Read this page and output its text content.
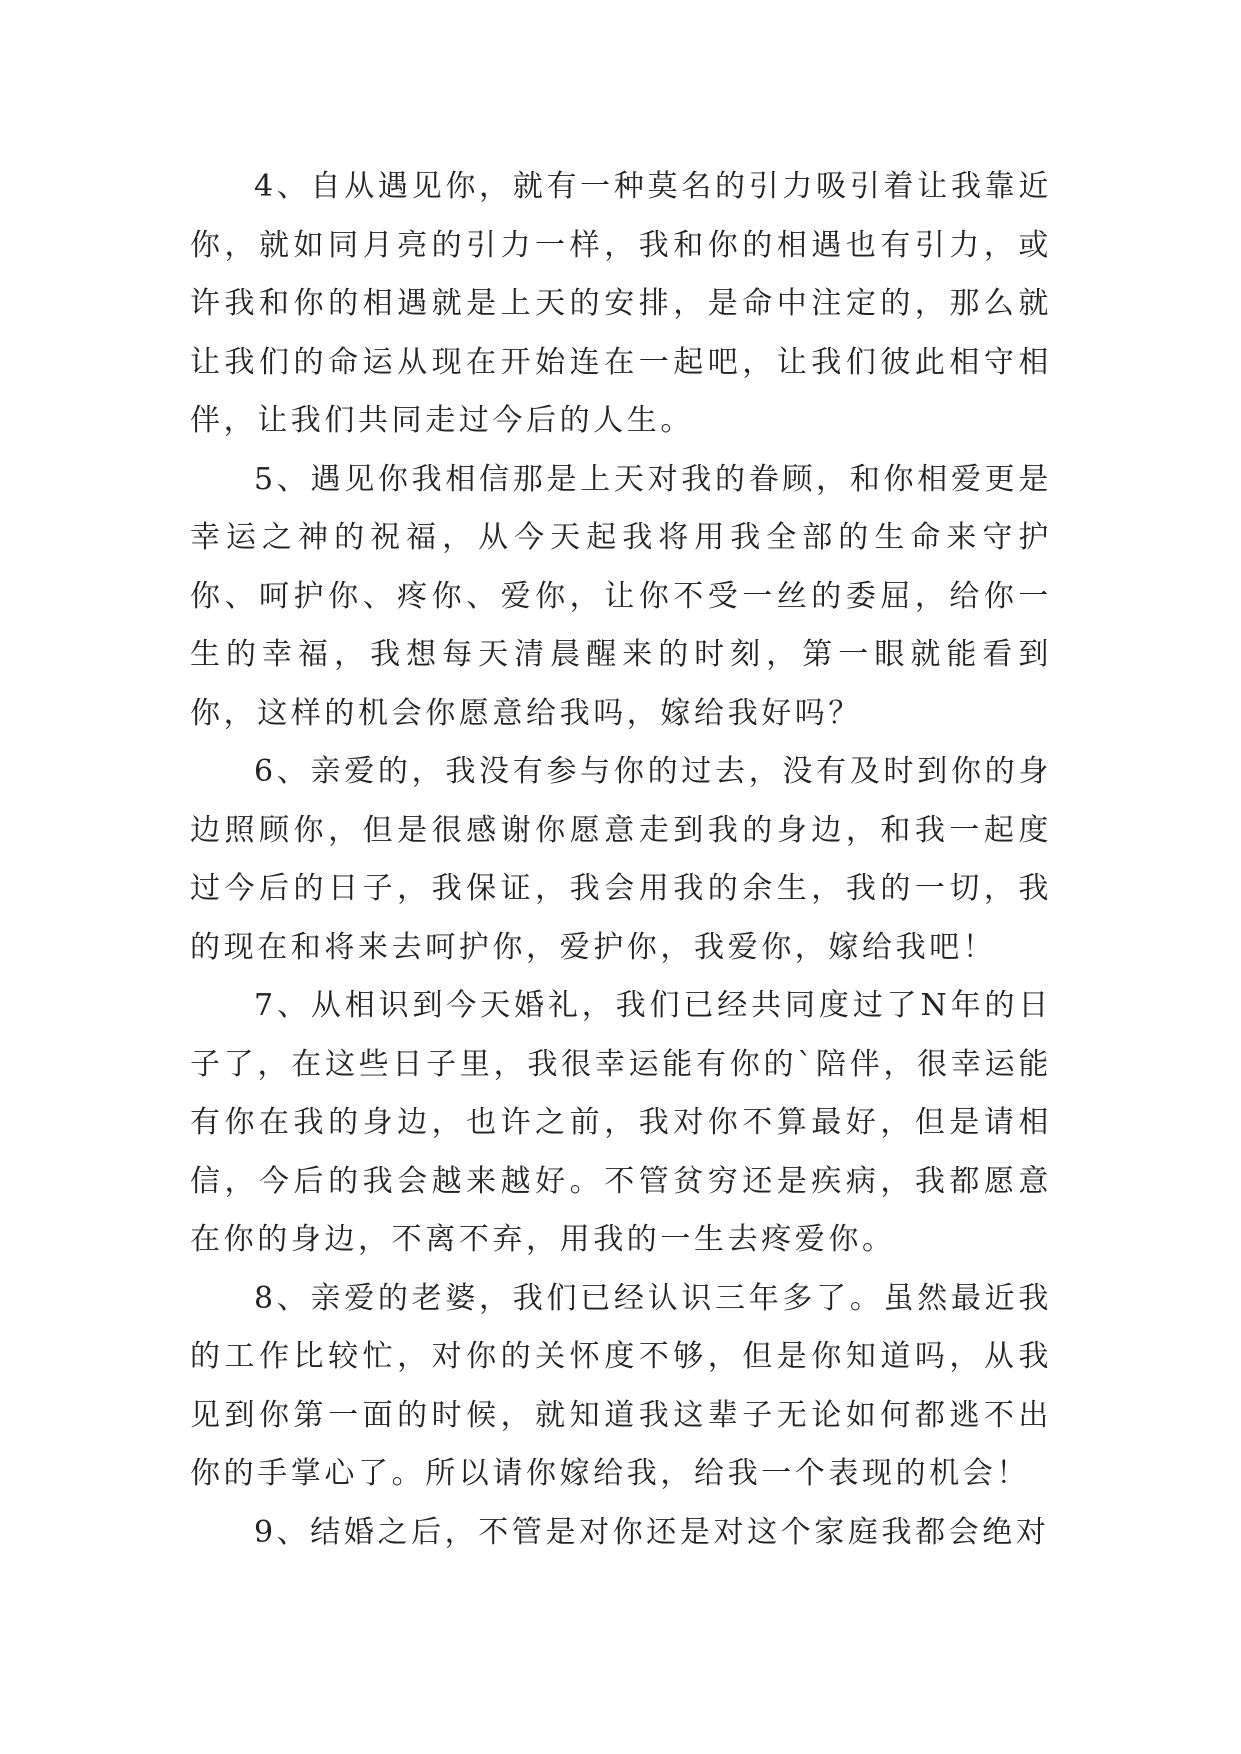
4、自从遇见你，就有一种莫名的引力吸引着让我靠近你，就如同月亮的引力一样，我和你的相遇也有引力，或许我和你的相遇就是上天的安排，是命中注定的，那么就让我们的命运从现在开始连在一起吧，让我们彼此相守相伴，让我们共同走过今后的人生。

5、遇见你我相信那是上天对我的眷顾，和你相爱更是幸运之神的祝福，从今天起我将用我全部的生命来守护你、呵护你、疼你、爱你，让你不受一丝的委屈，给你一生的幸福，我想每天清晨醒来的时刻，第一眼就能看到你，这样的机会你愿意给我吗，嫁给我好吗？

6、亲爱的，我没有参与你的过去，没有及时到你的身边照顾你，但是很感谢你愿意走到我的身边，和我一起度过今后的日子，我保证，我会用我的余生，我的一切，我的现在和将来去呵护你，爱护你，我爱你，嫁给我吧！

7、从相识到今天婚礼，我们已经共同度过了N年的日子了，在这些日子里，我很幸运能有你的`陪伴，很幸运能有你在我的身边，也许之前，我对你不算最好，但是请相信，今后的我会越来越好。不管贫穷还是疾病，我都愿意在你的身边，不离不弃，用我的一生去疼爱你。

8、亲爱的老婆，我们已经认识三年多了。虽然最近我的工作比较忙，对你的关怀度不够，但是你知道吗，从我见到你第一面的时候，就知道我这辈子无论如何都逃不出你的手掌心了。所以请你嫁给我，给我一个表现的机会！

9、结婚之后，不管是对你还是对这个家庭我都会绝对
